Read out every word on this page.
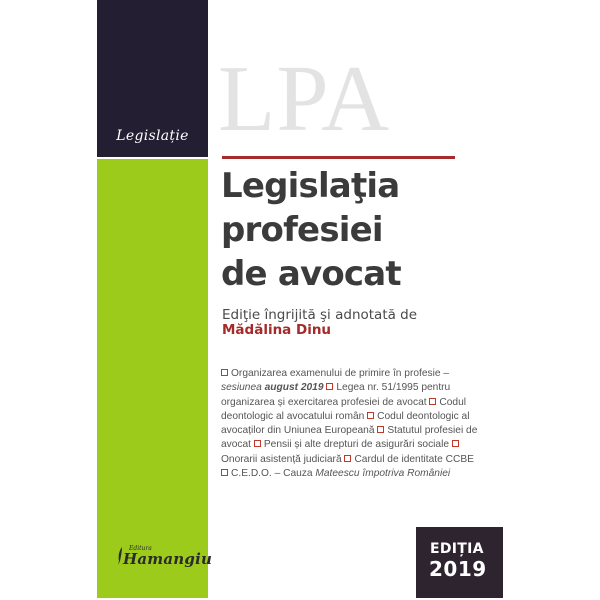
Legislație
Editura
Hamangiu
LPA
Legislaţia
profesiei
de avocat
Ediţie îngrijită şi adnotată de
Mădălina Dinu
Organizarea examenului de primire în profesie – sesiunea august 2019 Legea nr. 51/1995 pentru organizarea și exercitarea profesiei de avocat Codul deontologic al avocatului român Codul deontologic al avocaților din Uniunea Europeană Statutul profesiei de avocat Pensii și alte drepturi de asigurări sociale Onorarii asistență judiciară Cardul de identitate CCBE C.E.D.O. – Cauza Mateescu împotriva României
EDIȚIA
2019
